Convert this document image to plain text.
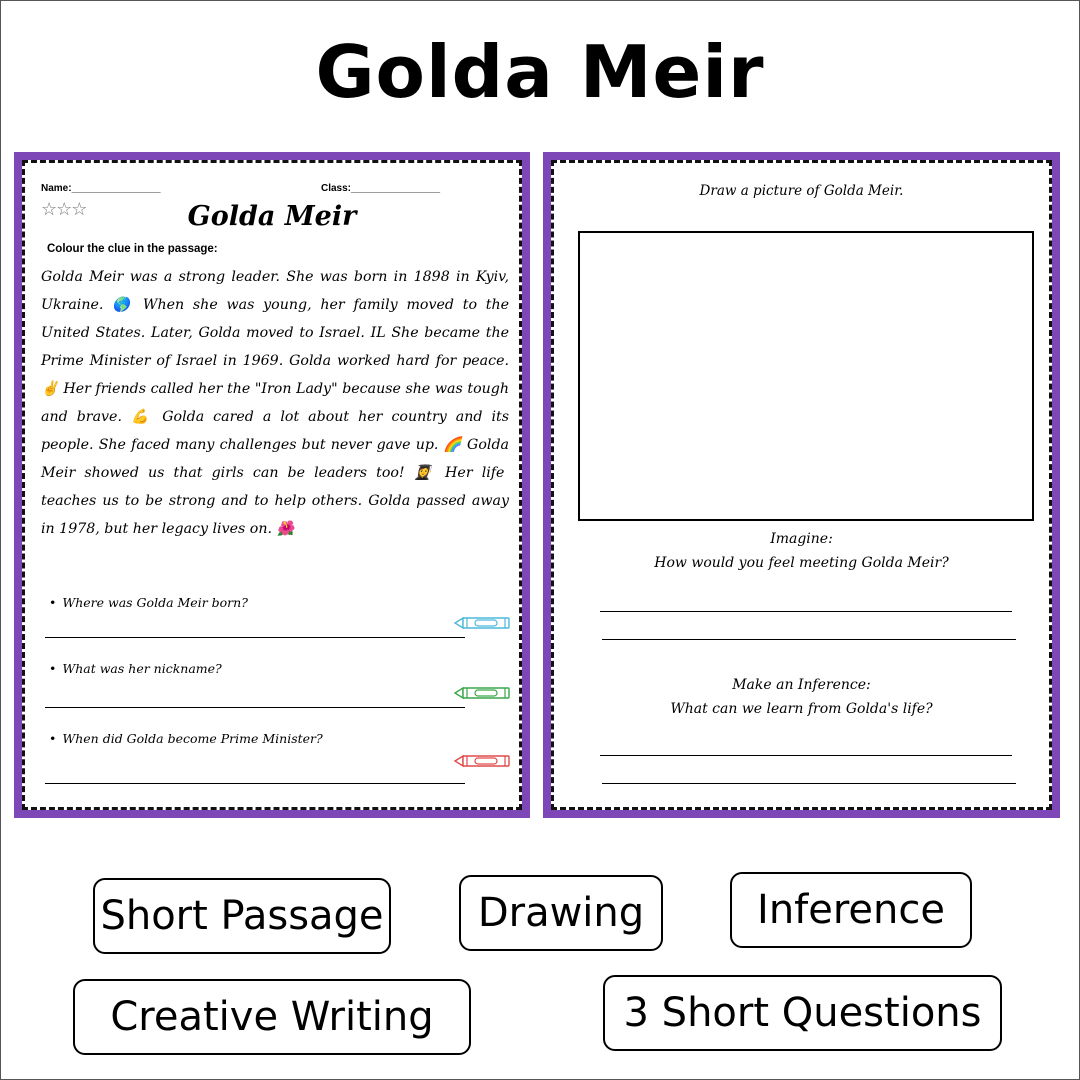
Golda Meir
Name:________________	Class:________________
☆☆☆	Golda Meir
Colour the clue in the passage:
Golda Meir was a strong leader. She was born in 1898 in Kyiv, Ukraine. 🌎 When she was young, her family moved to the United States. Later, Golda moved to Israel. IL She became the Prime Minister of Israel in 1969. Golda worked hard for peace. ✌ Her friends called her the "Iron Lady" because she was tough and brave. 💪 Golda cared a lot about her country and its people. She faced many challenges but never gave up. 🌈 Golda Meir showed us that girls can be leaders too! 👩‍🎓 Her life teaches us to be strong and to help others. Golda passed away in 1978, but her legacy lives on. 🌺
• Where was Golda Meir born?
• What was her nickname?
• When did Golda become Prime Minister?
Draw a picture of Golda Meir.
Imagine:
How would you feel meeting Golda Meir?
Make an Inference:
What can we learn from Golda's life?
Short Passage	Drawing	Inference
Creative Writing	3 Short Questions
